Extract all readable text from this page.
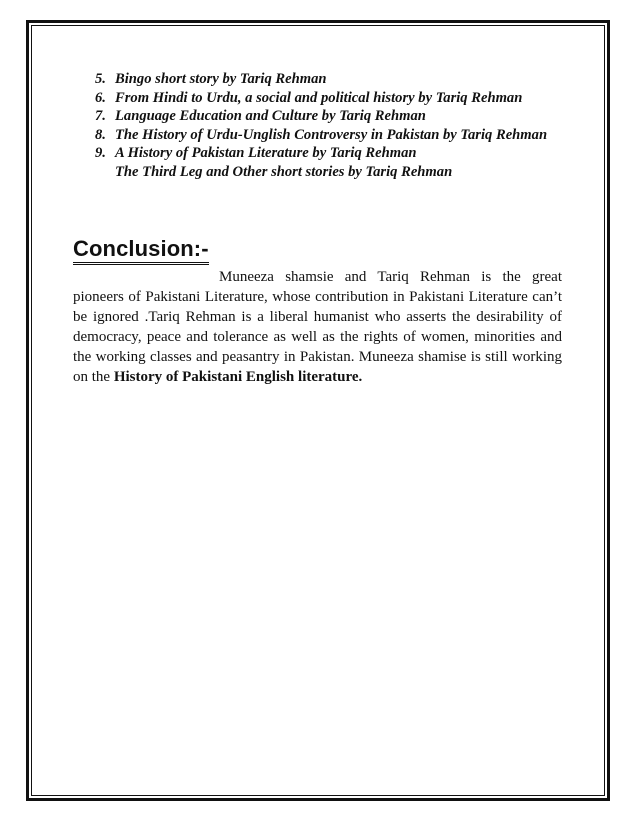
5. Bingo short story by Tariq Rehman
6. From Hindi to Urdu, a social and political history by Tariq Rehman
7. Language Education and Culture by Tariq Rehman
8. The History of Urdu-Unglish Controversy in Pakistan by Tariq Rehman
9. A History of Pakistan Literature by Tariq Rehman
The Third Leg and Other short stories by Tariq Rehman
Conclusion:-

Muneeza shamsie and Tariq Rehman is the great pioneers of Pakistani Literature, whose contribution in Pakistani Literature can’t be ignored .Tariq Rehman is a liberal humanist who asserts the desirability of democracy, peace and tolerance as well as the rights of women, minorities and the working classes and peasantry in Pakistan. Muneeza shamise is still working on the History of Pakistani English literature.
